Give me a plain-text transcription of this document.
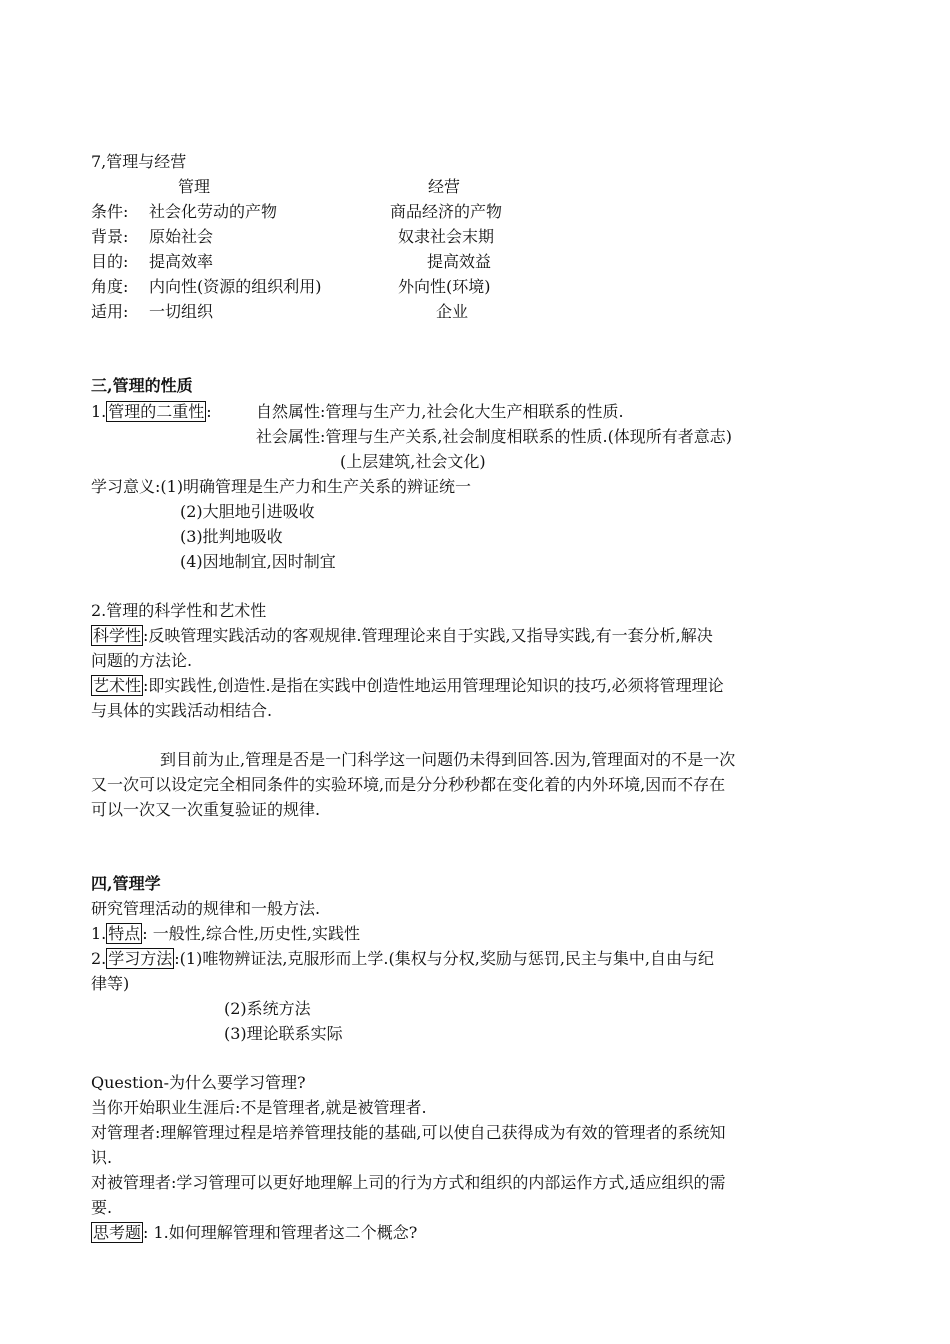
7,管理与经营
管理	经营
条件: 社会化劳动的产物	商品经济的产物
背景: 原始社会	奴隶社会末期
目的: 提高效率	提高效益
角度: 内向性(资源的组织利用)	外向性(环境)
适用: 一切组织	企业
三,管理的性质
1. 管理的二重性 :	自然属性:管理与生产力,社会化大生产相联系的性质.
社会属性:管理与生产关系,社会制度相联系的性质.(体现所有者意志)
(上层建筑,社会文化)
学习意义:(1)明确管理是生产力和生产关系的辨证统一
(2)大胆地引进吸收
(3)批判地吸收
(4)因地制宜,因时制宜
2.管理的科学性和艺术性
科学性 :反映管理实践活动的客观规律.管理理论来自于实践,又指导实践,有一套分析,解决
问题的方法论.
艺术性 :即实践性,创造性.是指在实践中创造性地运用管理理论知识的技巧,必须将管理理论
与具体的实践活动相结合.
到目前为止,管理是否是一门科学这一问题仍未得到回答.因为,管理面对的不是一次
又一次可以设定完全相同条件的实验环境,而是分分秒秒都在变化着的内外环境,因而不存在
可以一次又一次重复验证的规律.
四,管理学
研究管理活动的规律和一般方法.
1. 特点 : 一般性,综合性,历史性,实践性
2. 学习方法 :(1)唯物辨证法,克服形而上学.(集权与分权,奖励与惩罚,民主与集中,自由与纪
律等)
(2)系统方法
(3)理论联系实际
Question-为什么要学习管理?
当你开始职业生涯后:不是管理者,就是被管理者.
对管理者:理解管理过程是培养管理技能的基础,可以使自己获得成为有效的管理者的系统知
识.
对被管理者:学习管理可以更好地理解上司的行为方式和组织的内部运作方式,适应组织的需
要.
思考题 : 1.如何理解管理和管理者这二个概念?
